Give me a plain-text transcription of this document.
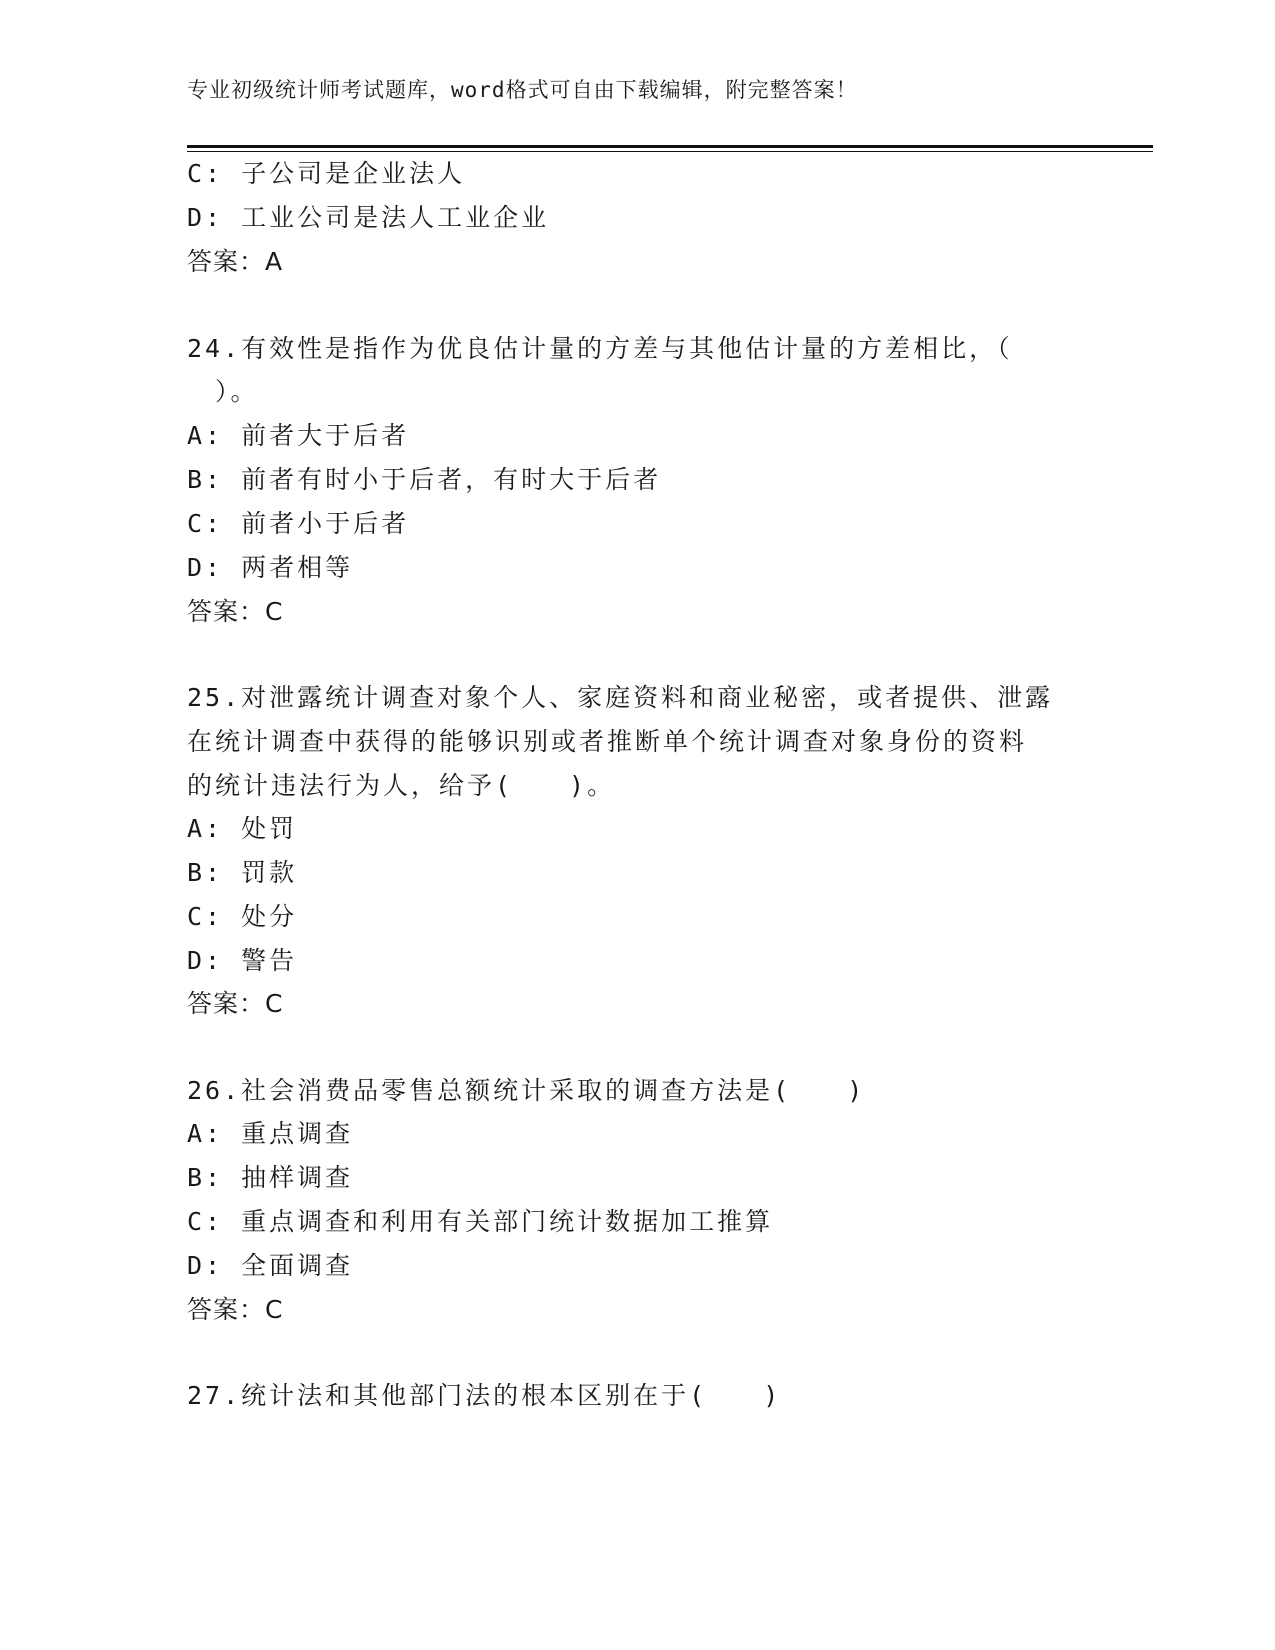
专业初级统计师考试题库，word格式可自由下载编辑，附完整答案！
C: 子公司是企业法人
D: 工业公司是法人工业企业
答案：A
24.有效性是指作为优良估计量的方差与其他估计量的方差相比，（
）。
A: 前者大于后者
B: 前者有时小于后者，有时大于后者
C: 前者小于后者
D: 两者相等
答案：C
25.对泄露统计调查对象个人、家庭资料和商业秘密，或者提供、泄露
在统计调查中获得的能够识别或者推断单个统计调查对象身份的资料
的统计违法行为人，给予(　　)。
A: 处罚
B: 罚款
C: 处分
D: 警告
答案：C
26.社会消费品零售总额统计采取的调查方法是(　　)
A: 重点调查
B: 抽样调查
C: 重点调查和利用有关部门统计数据加工推算
D: 全面调查
答案：C
27.统计法和其他部门法的根本区别在于(　　)
